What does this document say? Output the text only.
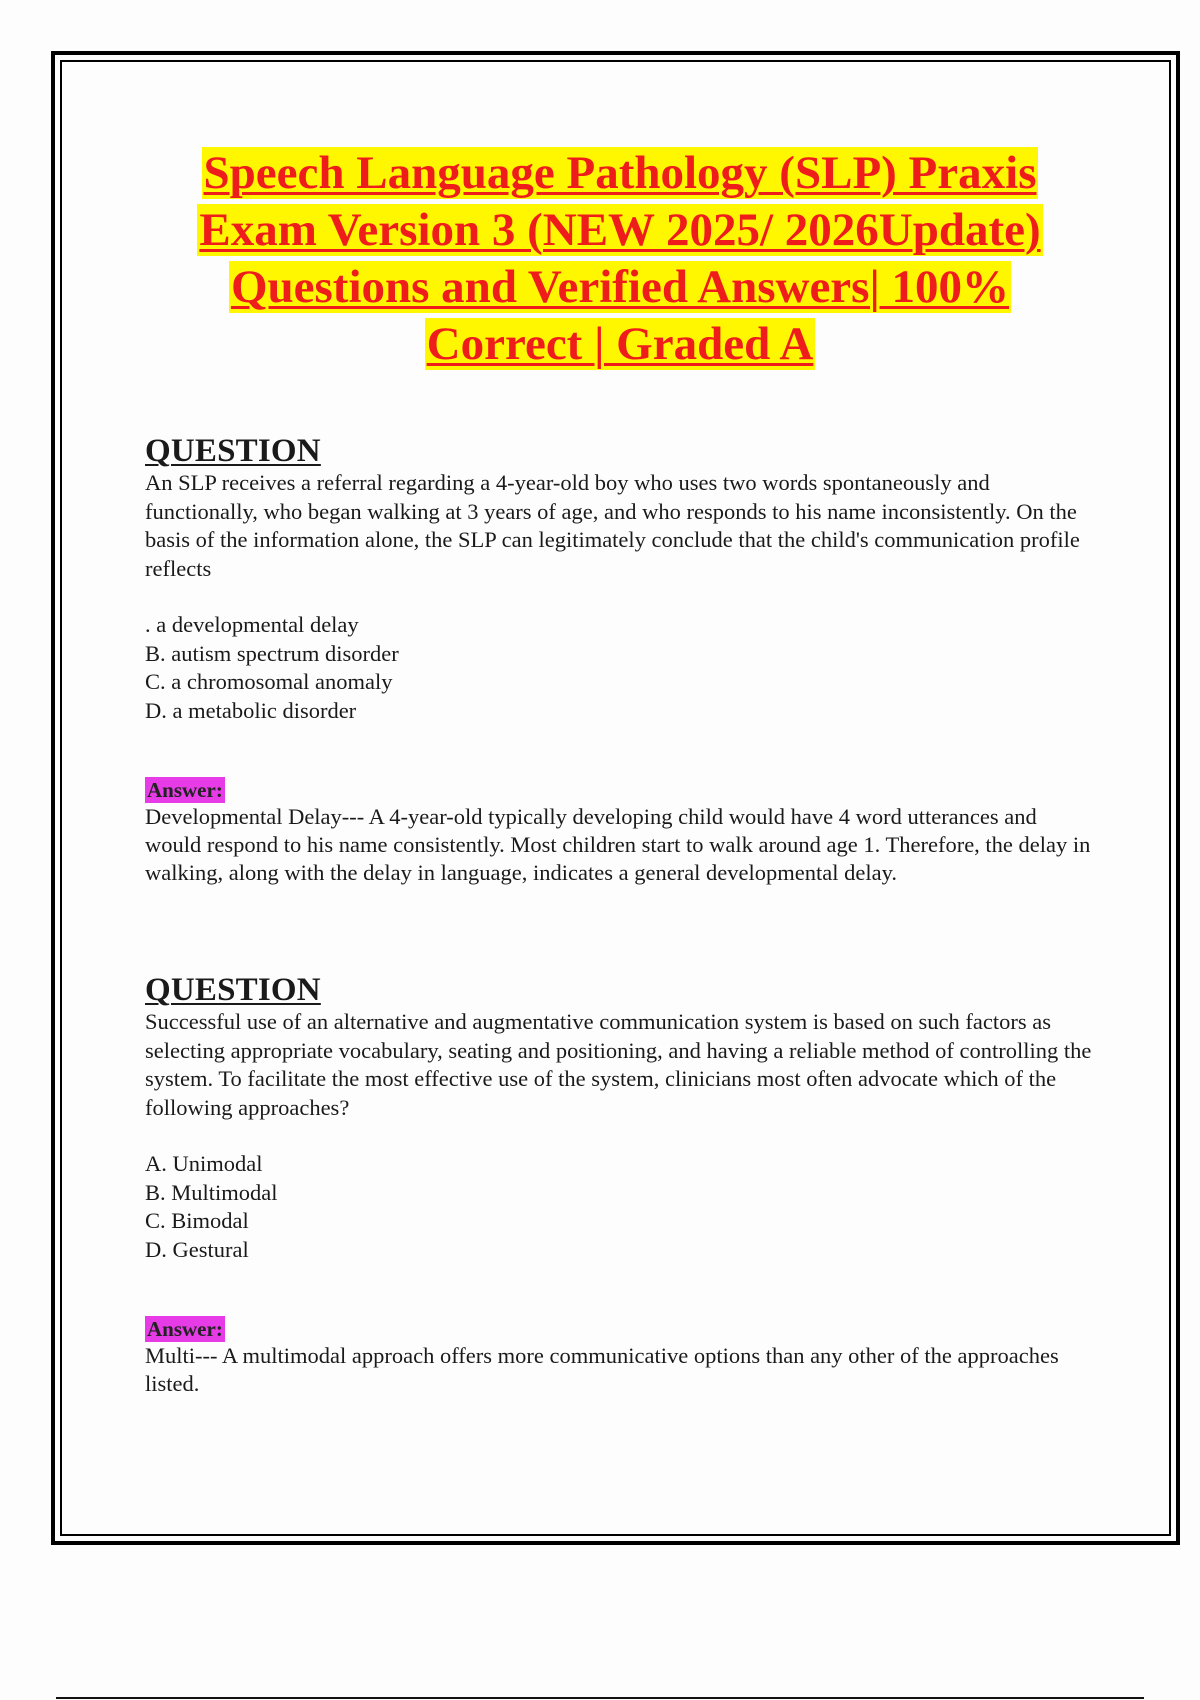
Speech Language Pathology (SLP) Praxis
Exam Version 3 (NEW 2025/ 2026Update)
Questions and Verified Answers| 100%
Correct | Graded A
QUESTION
An SLP receives a referral regarding a 4-year-old boy who uses two words spontaneously and functionally, who began walking at 3 years of age, and who responds to his name inconsistently. On the basis of the information alone, the SLP can legitimately conclude that the child's communication profile reflects
. a developmental delay
B. autism spectrum disorder
C. a chromosomal anomaly
D. a metabolic disorder
Answer:
Developmental Delay--- A 4-year-old typically developing child would have 4 word utterances and would respond to his name consistently. Most children start to walk around age 1. Therefore, the delay in walking, along with the delay in language, indicates a general developmental delay.
QUESTION
Successful use of an alternative and augmentative communication system is based on such factors as selecting appropriate vocabulary, seating and positioning, and having a reliable method of controlling the system. To facilitate the most effective use of the system, clinicians most often advocate which of the following approaches?
A. Unimodal
B. Multimodal
C. Bimodal
D. Gestural
Answer:
Multi--- A multimodal approach offers more communicative options than any other of the approaches listed.
